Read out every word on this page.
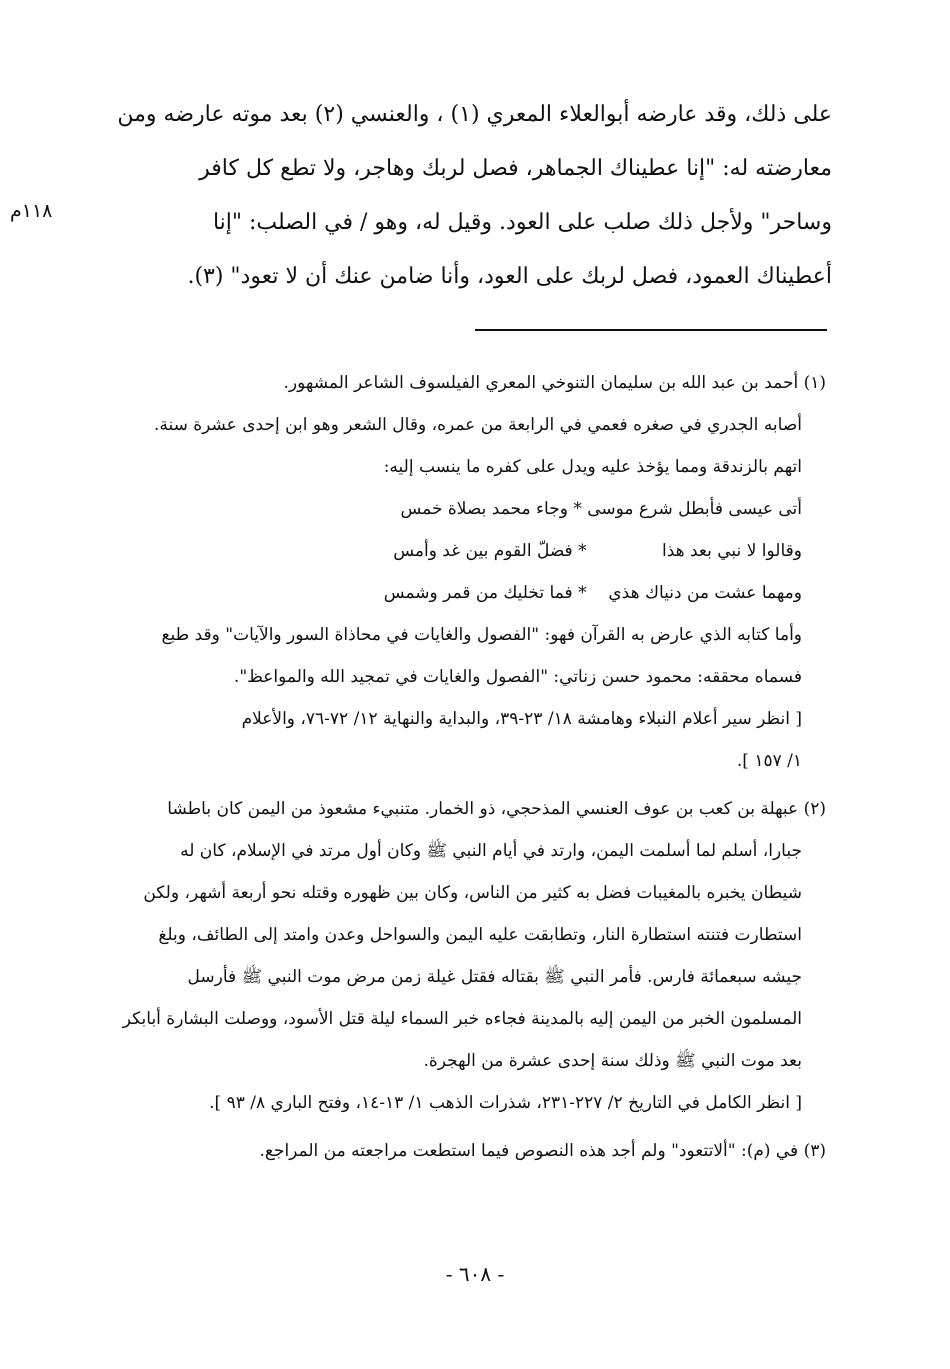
١١٨م

على ذلك، وقد عارضه أبوالعلاء المعري (١) ، والعنسي (٢) بعد موته عارضه ومن

معارضته له: "إنا عطيناك الجماهر، فصل لربك وهاجر، ولا تطع كل كافر

وساحر" ولأجل ذلك صلب على العود. وقيل له، وهو / في الصلب: "إنا

أعطيناك العمود، فصل لربك على العود، وأنا ضامن عنك أن لا تعود" (٣).

(١) أحمد بن عبد الله بن سليمان التنوخي المعري الفيلسوف الشاعر المشهور.

أصابه الجدري في صغره فعمي في الرابعة من عمره، وقال الشعر وهو ابن إحدى عشرة سنة.

اتهم بالزندقة ومما يؤخذ عليه ويدل على كفره ما ينسب إليه:

أتى عيسى فأبطل شرع موسى * وجاء محمد بصلاة خمس

وقالوا لا نبي بعد هذا * فضلّ القوم بين غد وأمس

ومهما عشت من دنياك هذي * فما تخليك من قمر وشمس

وأما كتابه الذي عارض به القرآن فهو: "الفصول والغايات في محاذاة السور والآيات" وقد طبع

فسماه محققه: محمود حسن زناتي: "الفصول والغايات في تمجيد الله والمواعظ".

[ انظر سير أعلام النبلاء وهامشة ١٨/ ٢٣-٣٩، والبداية والنهاية ١٢/ ٧٢-٧٦، والأعلام

١/ ١٥٧ ].

(٢) عبهلة بن كعب بن عوف العنسي المذحجي، ذو الخمار. متنبيء مشعوذ من اليمن كان باطشا

جبارا، أسلم لما أسلمت اليمن، وارتد في أيام النبي ﷺ وكان أول مرتد في الإسلام، كان له

شيطان يخبره بالمغيبات فضل به كثير من الناس، وكان بين ظهوره وقتله نحو أربعة أشهر، ولكن

استطارت فتنته استطارة النار، وتطابقت عليه اليمن والسواحل وعدن وامتد إلى الطائف، وبلغ

جيشه سبعمائة فارس. فأمر النبي ﷺ بقتاله فقتل غيلة زمن مرض موت النبي ﷺ فأرسل

المسلمون الخبر من اليمن إليه بالمدينة فجاءه خبر السماء ليلة قتل الأسود، ووصلت البشارة أبابكر

بعد موت النبي ﷺ وذلك سنة إحدى عشرة من الهجرة.

[ انظر الكامل في التاريخ ٢/ ٢٢٧-٢٣١، شذرات الذهب ١/ ١٣-١٤، وفتح الباري ٨/ ٩٣ ].

(٣) في (م): "ألاتتعود" ولم أجد هذه النصوص فيما استطعت مراجعته من المراجع.

- ٦٠٨ -
